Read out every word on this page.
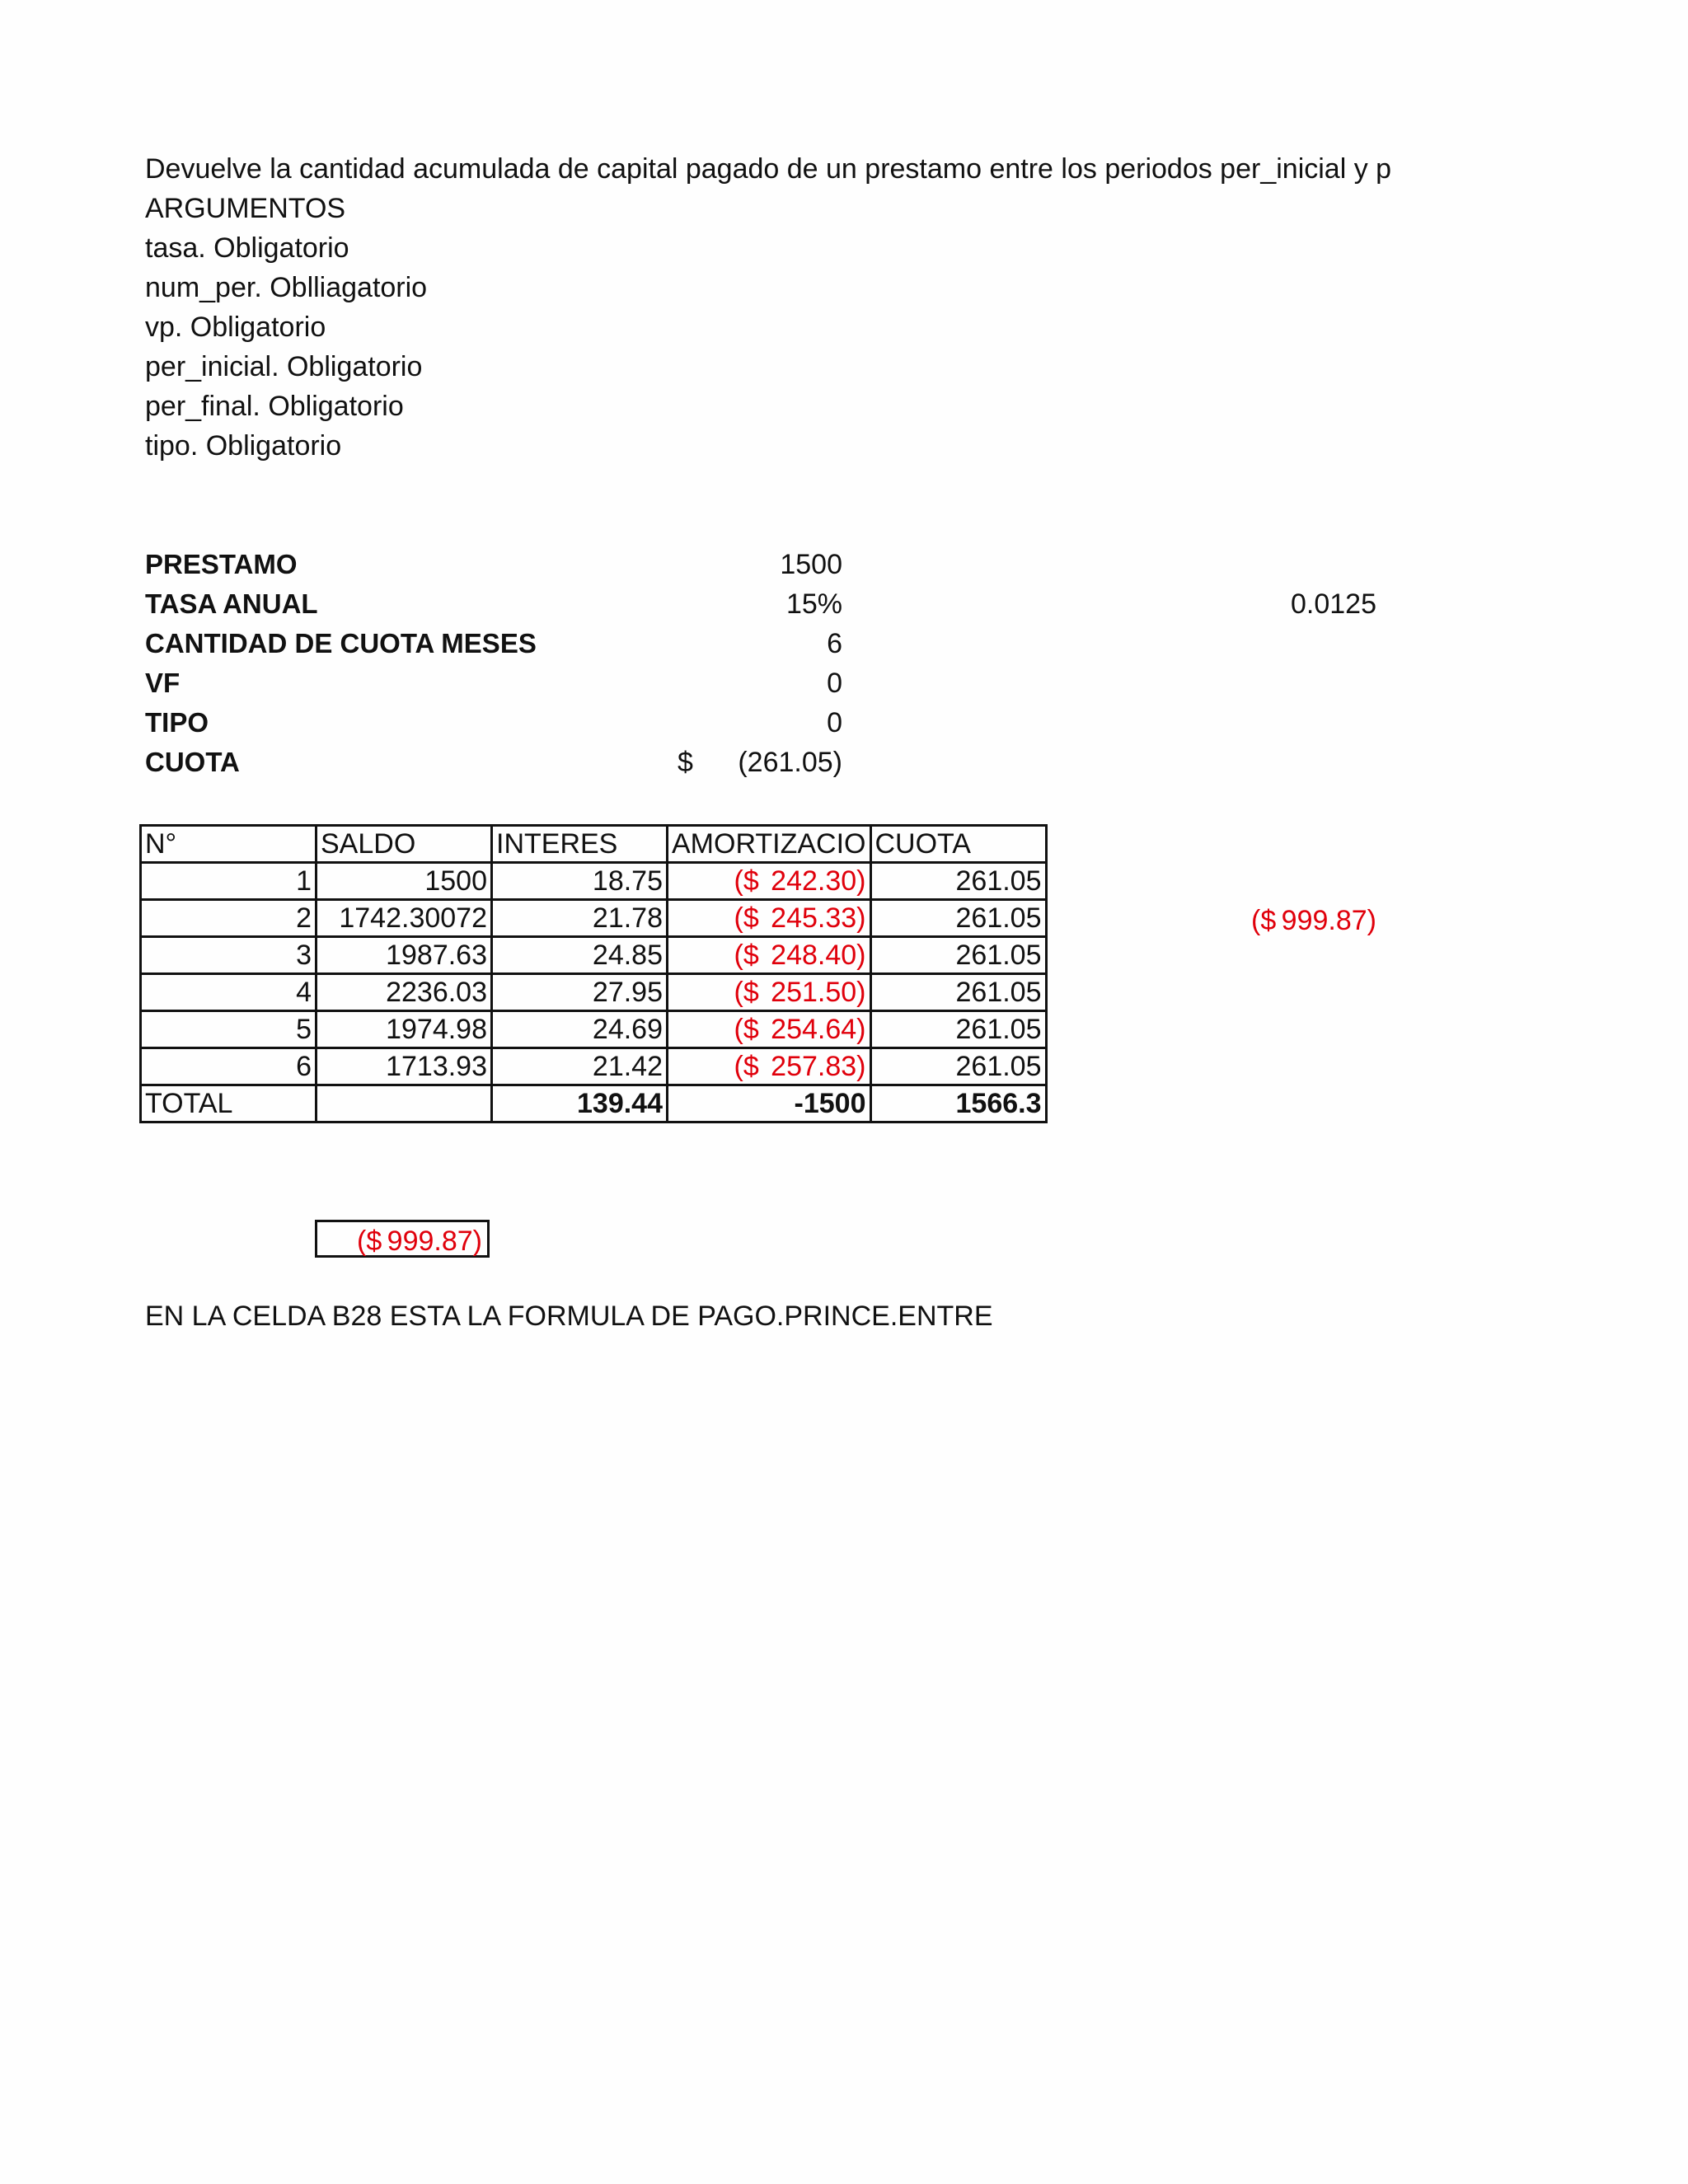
Devuelve la cantidad acumulada de capital pagado de un prestamo entre los periodos per_inicial y p
ARGUMENTOS
tasa. Obligatorio
num_per. Oblliagatorio
vp. Obligatorio
per_inicial. Obligatorio
per_final. Obligatorio
tipo. Obligatorio
PRESTAMO	1500
TASA ANUAL	15%	0.0125
CANTIDAD DE CUOTA MESES	6
VF	0
TIPO	0
CUOTA	$ (261.05)
($ 999.87)
N°	SALDO	INTERES	AMORTIZACIO	CUOTA
1	1500	18.75	($ 242.30)	261.05
2	1742.30072	21.78	($ 245.33)	261.05
3	1987.63	24.85	($ 248.40)	261.05
4	2236.03	27.95	($ 251.50)	261.05
5	1974.98	24.69	($ 254.64)	261.05
6	1713.93	21.42	($ 257.83)	261.05
TOTAL		139.44	-1500	1566.3
($ 999.87)
EN LA CELDA B28 ESTA LA FORMULA DE PAGO.PRINCE.ENTRE
